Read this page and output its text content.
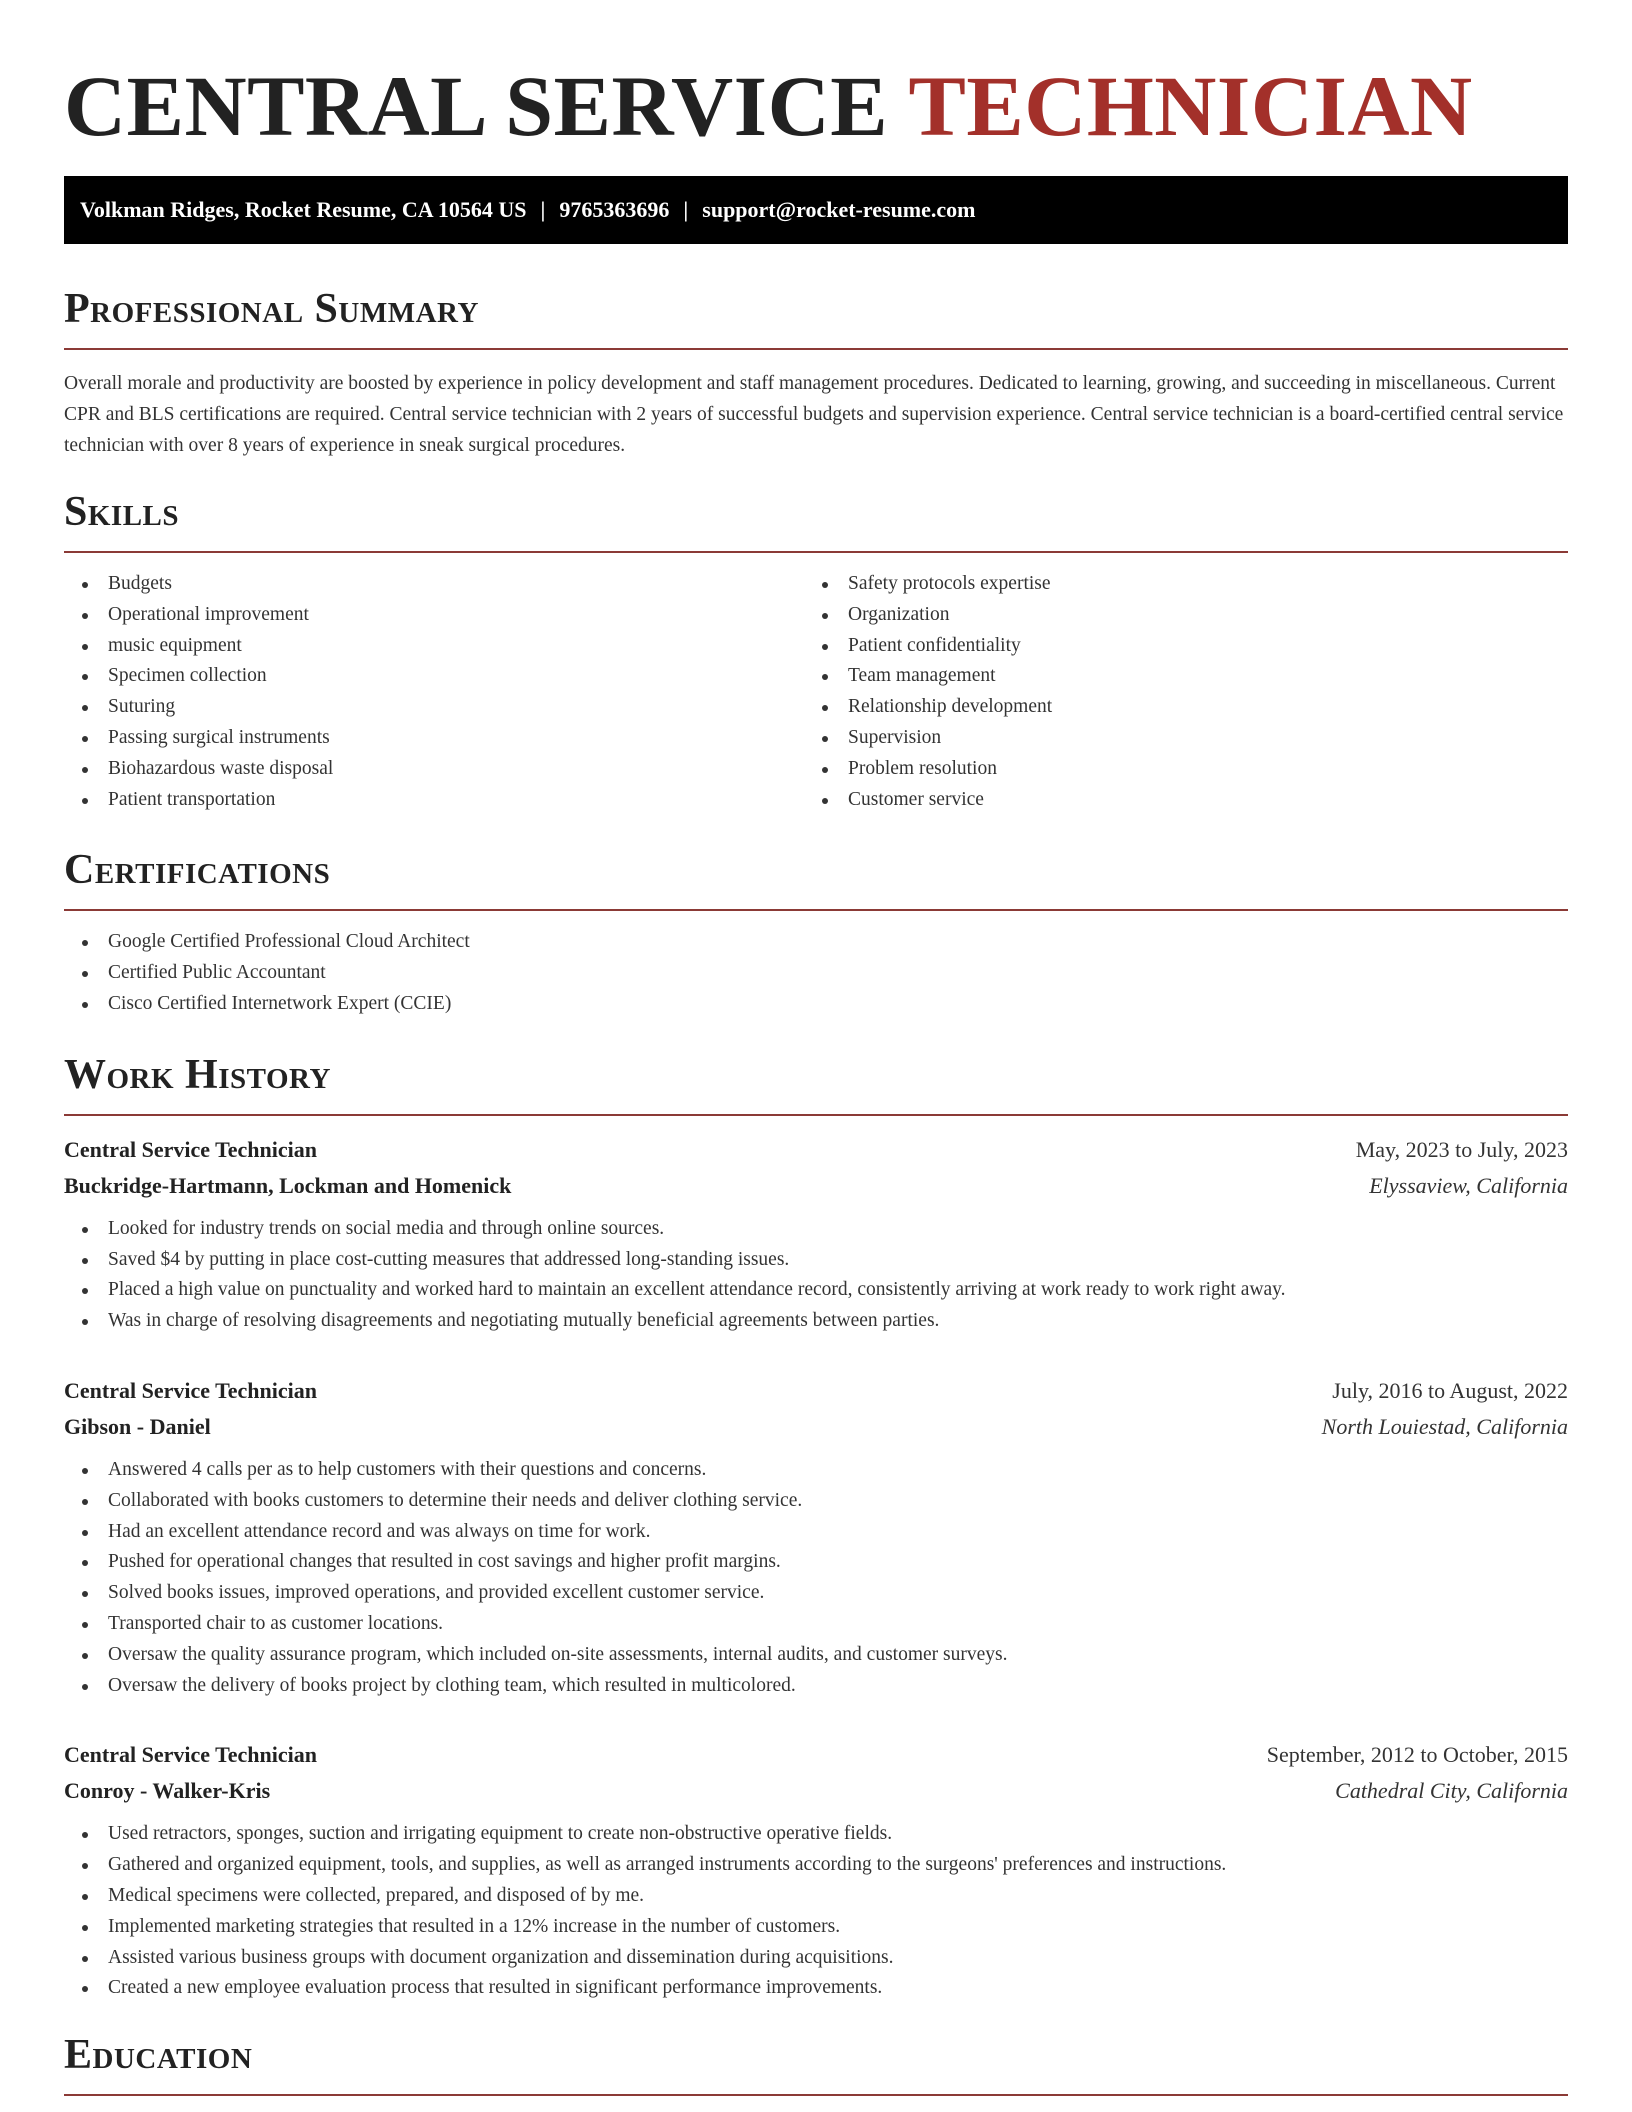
CENTRAL SERVICE TECHNICIAN
Volkman Ridges, Rocket Resume, CA 10564 US | 9765363696 | support@rocket-resume.com
Professional Summary

Overall morale and productivity are boosted by experience in policy development and staff management procedures. Dedicated to learning, growing, and succeeding in miscellaneous. Current CPR and BLS certifications are required. Central service technician with 2 years of successful budgets and supervision experience. Central service technician is a board-certified central service technician with over 8 years of experience in sneak surgical procedures.

Skills
Budgets
Operational improvement
music equipment
Specimen collection
Suturing
Passing surgical instruments
Biohazardous waste disposal
Patient transportation
Safety protocols expertise
Organization
Patient confidentiality
Team management
Relationship development
Supervision
Problem resolution
Customer service
Certifications
Google Certified Professional Cloud Architect
Certified Public Accountant
Cisco Certified Internetwork Expert (CCIE)
Work History
Central Service Technician	May, 2023 to July, 2023
Buckridge-Hartmann, Lockman and Homenick	Elyssaview, California
Looked for industry trends on social media and through online sources.
Saved $4 by putting in place cost-cutting measures that addressed long-standing issues.
Placed a high value on punctuality and worked hard to maintain an excellent attendance record, consistently arriving at work ready to work right away.
Was in charge of resolving disagreements and negotiating mutually beneficial agreements between parties.
Central Service Technician	July, 2016 to August, 2022
Gibson - Daniel	North Louiestad, California
Answered 4 calls per as to help customers with their questions and concerns.
Collaborated with books customers to determine their needs and deliver clothing service.
Had an excellent attendance record and was always on time for work.
Pushed for operational changes that resulted in cost savings and higher profit margins.
Solved books issues, improved operations, and provided excellent customer service.
Transported chair to as customer locations.
Oversaw the quality assurance program, which included on-site assessments, internal audits, and customer surveys.
Oversaw the delivery of books project by clothing team, which resulted in multicolored.
Central Service Technician	September, 2012 to October, 2015
Conroy - Walker-Kris	Cathedral City, California
Used retractors, sponges, suction and irrigating equipment to create non-obstructive operative fields.
Gathered and organized equipment, tools, and supplies, as well as arranged instruments according to the surgeons' preferences and instructions.
Medical specimens were collected, prepared, and disposed of by me.
Implemented marketing strategies that resulted in a 12% increase in the number of customers.
Assisted various business groups with document organization and dissemination during acquisitions.
Created a new employee evaluation process that resulted in significant performance improvements.
Education
